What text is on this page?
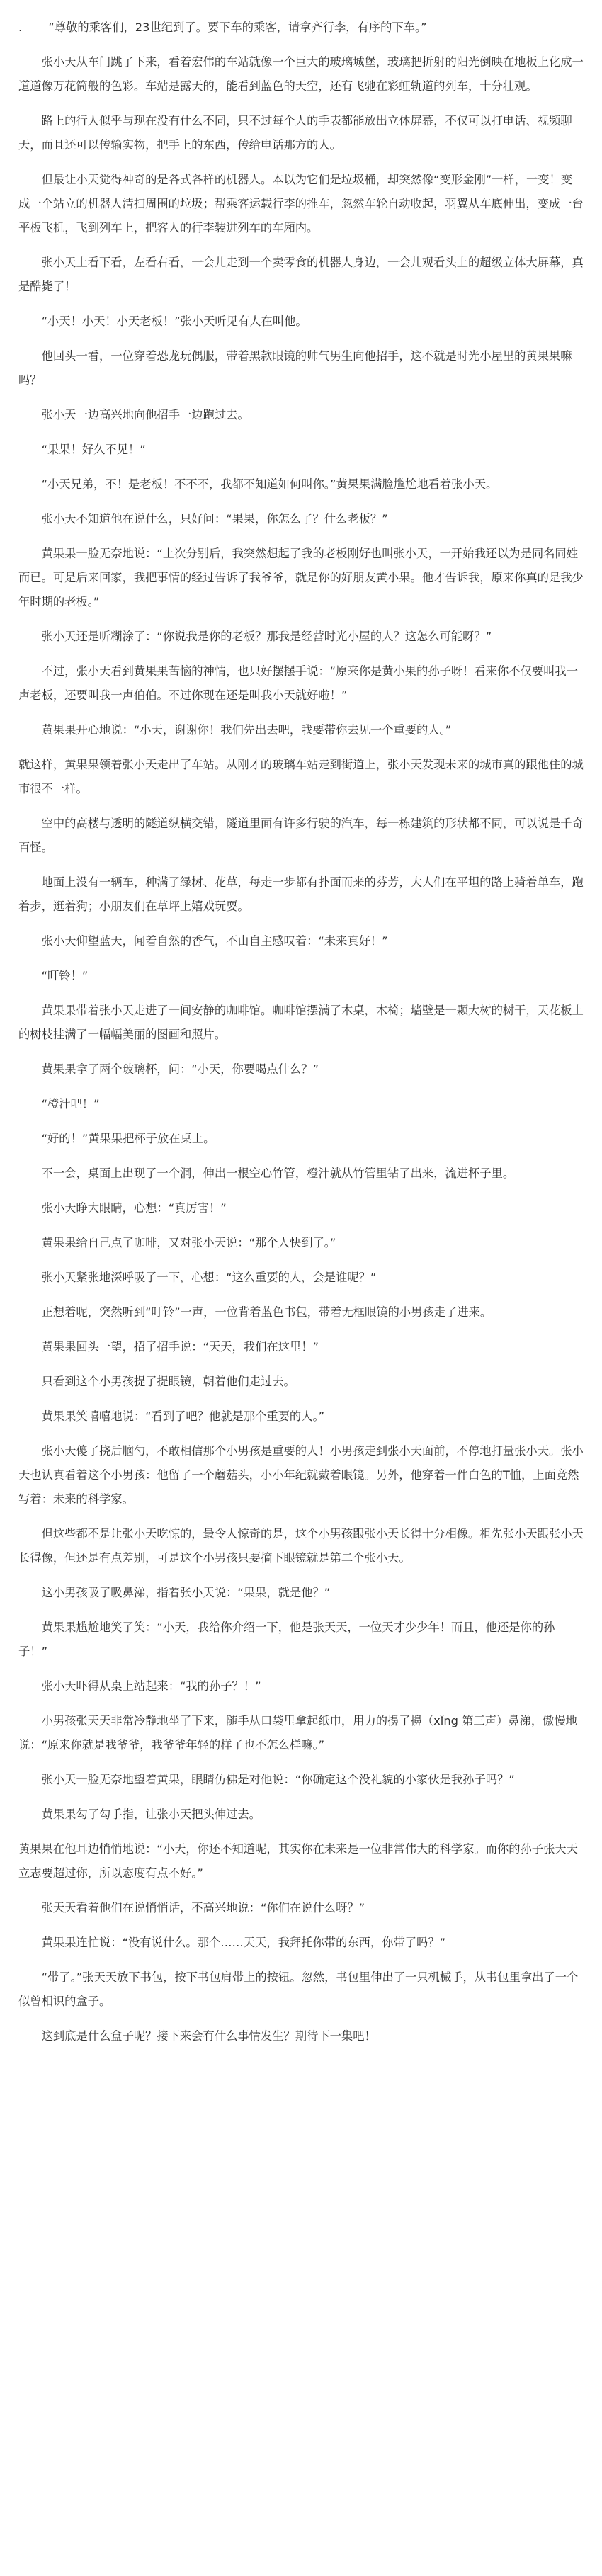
. “尊敬的乘客们，23世纪到了。要下车的乘客，请拿齐行李，有序的下车。”

张小天从车门跳了下来，看着宏伟的车站就像一个巨大的玻璃城堡，玻璃把折射的阳光倒映在地板上化成一道道像万花筒般的色彩。车站是露天的，能看到蓝色的天空，还有飞驰在彩虹轨道的列车，十分壮观。

路上的行人似乎与现在没有什么不同，只不过每个人的手表都能放出立体屏幕，不仅可以打电话、视频聊天，而且还可以传输实物，把手上的东西，传给电话那方的人。

但最让小天觉得神奇的是各式各样的机器人。本以为它们是垃圾桶，却突然像“变形金刚”一样，一变！变成一个站立的机器人清扫周围的垃圾；帮乘客运载行李的推车，忽然车轮自动收起，羽翼从车底伸出，变成一台平板飞机，飞到列车上，把客人的行李装进列车的车厢内。

张小天上看下看，左看右看，一会儿走到一个卖零食的机器人身边，一会儿观看头上的超级立体大屏幕，真是酷毙了！

“小天！小天！小天老板！”张小天听见有人在叫他。

他回头一看，一位穿着恐龙玩偶服，带着黑款眼镜的帅气男生向他招手，这不就是时光小屋里的黄果果嘛吗？

张小天一边高兴地向他招手一边跑过去。

“果果！好久不见！”

“小天兄弟，不！是老板！不不不，我都不知道如何叫你。”黄果果满脸尴尬地看着张小天。

张小天不知道他在说什么，只好问：“果果，你怎么了？什么老板？”

黄果果一脸无奈地说：“上次分别后，我突然想起了我的老板刚好也叫张小天，一开始我还以为是同名同姓而已。可是后来回家，我把事情的经过告诉了我爷爷，就是你的好朋友黄小果。他才告诉我，原来你真的是我少年时期的老板。”

张小天还是听糊涂了：“你说我是你的老板？那我是经营时光小屋的人？这怎么可能呀？”

不过，张小天看到黄果果苦恼的神情，也只好摆摆手说：“原来你是黄小果的孙子呀！看来你不仅要叫我一声老板，还要叫我一声伯伯。不过你现在还是叫我小天就好啦！”

黄果果开心地说：“小天，谢谢你！我们先出去吧，我要带你去见一个重要的人。”

就这样，黄果果领着张小天走出了车站。从刚才的玻璃车站走到街道上，张小天发现未来的城市真的跟他住的城市很不一样。

空中的高楼与透明的隧道纵横交错，隧道里面有许多行驶的汽车，每一栋建筑的形状都不同，可以说是千奇百怪。

地面上没有一辆车，种满了绿树、花草，每走一步都有扑面而来的芬芳，大人们在平坦的路上骑着单车，跑着步，逛着狗；小朋友们在草坪上嬉戏玩耍。

张小天仰望蓝天，闻着自然的香气，不由自主感叹着：“未来真好！”

“叮铃！”

黄果果带着张小天走进了一间安静的咖啡馆。咖啡馆摆满了木桌，木椅；墙壁是一颗大树的树干，天花板上的树枝挂满了一幅幅美丽的图画和照片。

黄果果拿了两个玻璃杯，问：“小天，你要喝点什么？”

“橙汁吧！”

“好的！”黄果果把杯子放在桌上。

不一会，桌面上出现了一个洞，伸出一根空心竹管，橙汁就从竹管里钻了出来，流进杯子里。

张小天睁大眼睛，心想：“真厉害！”

黄果果给自己点了咖啡，又对张小天说：“那个人快到了。”

张小天紧张地深呼吸了一下，心想：“这么重要的人，会是谁呢？”

正想着呢，突然听到“叮铃”一声，一位背着蓝色书包，带着无框眼镜的小男孩走了进来。

黄果果回头一望，招了招手说：“天天，我们在这里！”

只看到这个小男孩提了提眼镜，朝着他们走过去。

黄果果笑嘻嘻地说：“看到了吧？他就是那个重要的人。”

张小天傻了挠后脑勺，不敢相信那个小男孩是重要的人！小男孩走到张小天面前，不停地打量张小天。张小天也认真看着这个小男孩：他留了一个蘑菇头，小小年纪就戴着眼镜。另外，他穿着一件白色的T恤，上面竟然写着：未来的科学家。

但这些都不是让张小天吃惊的，最令人惊奇的是，这个小男孩跟张小天长得十分相像。祖先张小天跟张小天长得像，但还是有点差别，可是这个小男孩只要摘下眼镜就是第二个张小天。

这小男孩吸了吸鼻涕，指着张小天说：“果果，就是他？”

黄果果尴尬地笑了笑：“小天，我给你介绍一下，他是张天天，一位天才少少年！而且，他还是你的孙子！”

张小天吓得从桌上站起来：“我的孙子？！”

小男孩张天天非常冷静地坐了下来，随手从口袋里拿起纸巾，用力的擤了擤（xǐng 第三声）鼻涕，傲慢地说：“原来你就是我爷爷，我爷爷年轻的样子也不怎么样嘛。”

张小天一脸无奈地望着黄果，眼睛仿佛是对他说：“你确定这个没礼貌的小家伙是我孙子吗？”

黄果果勾了勾手指，让张小天把头伸过去。

黄果果在他耳边悄悄地说：“小天，你还不知道呢，其实你在未来是一位非常伟大的科学家。而你的孙子张天天立志要超过你，所以态度有点不好。”

张天天看着他们在说悄悄话，不高兴地说：“你们在说什么呀？”

黄果果连忙说：“没有说什么。那个……天天，我拜托你带的东西，你带了吗？”

“带了。”张天天放下书包，按下书包肩带上的按钮。忽然，书包里伸出了一只机械手，从书包里拿出了一个似曾相识的盒子。

这到底是什么盒子呢？接下来会有什么事情发生？期待下一集吧！
